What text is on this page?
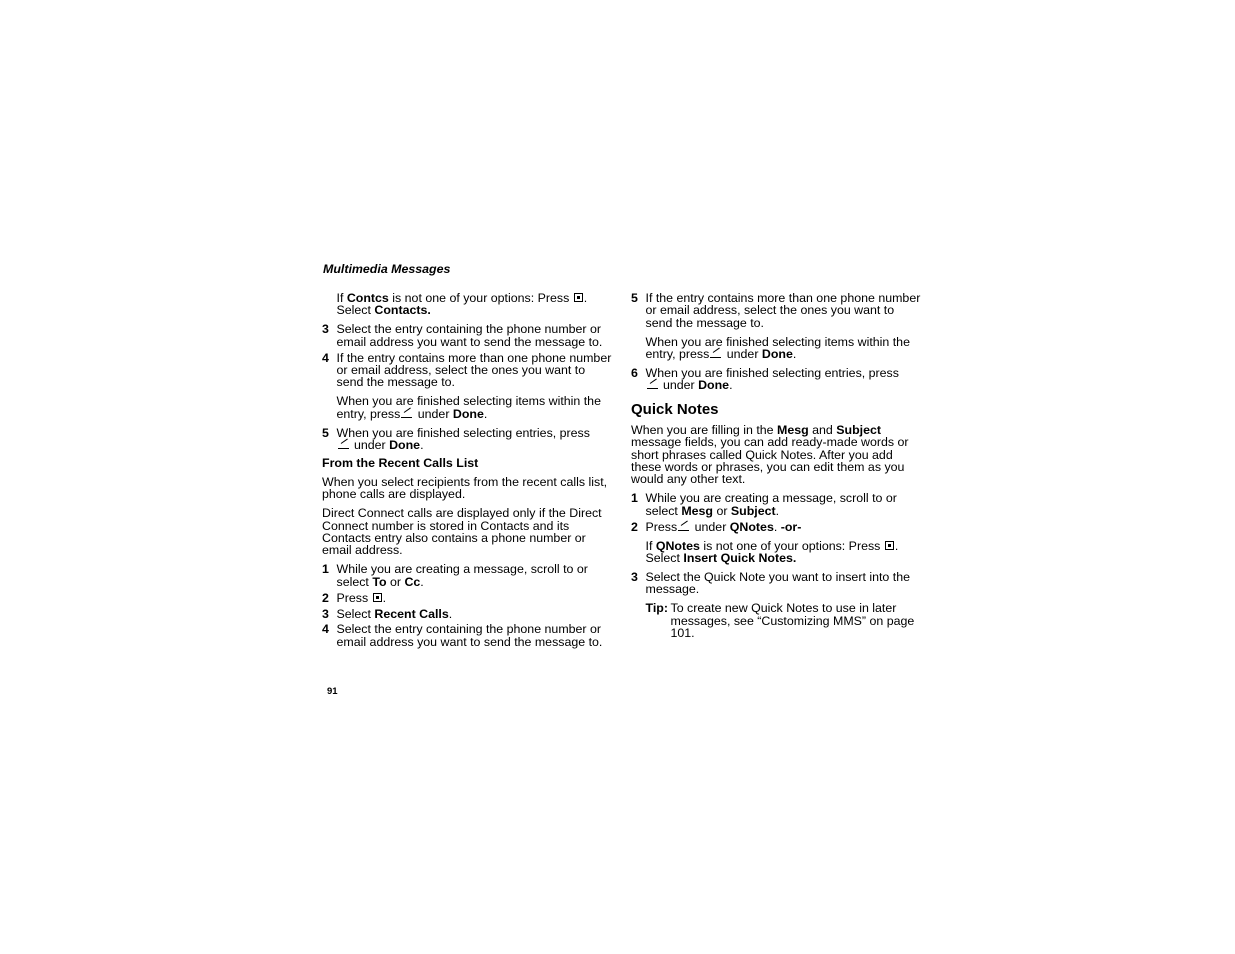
Multimedia Messages
If Contcs is not one of your options: Press .
Select Contacts.
3 Select the entry containing the phone number or email address you want to send the message to.
4 If the entry contains more than one phone number or email address, select the ones you want to send the message to.
When you are finished selecting items within the entry, press under Done.
5 When you are finished selecting entries, press
under Done.
From the Recent Calls List
When you select recipients from the recent calls list, phone calls are displayed.
Direct Connect calls are displayed only if the Direct Connect number is stored in Contacts and its Contacts entry also contains a phone number or email address.
1 While you are creating a message, scroll to or select To or Cc.
2 Press .
3 Select Recent Calls.
4 Select the entry containing the phone number or email address you want to send the message to.
5 If the entry contains more than one phone number or email address, select the ones you want to send the message to.
When you are finished selecting items within the entry, press under Done.
6 When you are finished selecting entries, press
under Done.
Quick Notes
When you are filling in the Mesg and Subject message fields, you can add ready-made words or short phrases called Quick Notes. After you add these words or phrases, you can edit them as you would any other text.
1 While you are creating a message, scroll to or select Mesg or Subject.
2 Press under QNotes. -or-
If QNotes is not one of your options: Press .
Select Insert Quick Notes.
3 Select the Quick Note you want to insert into the message.
Tip: To create new Quick Notes to use in later messages, see “Customizing MMS” on page 101.
91
